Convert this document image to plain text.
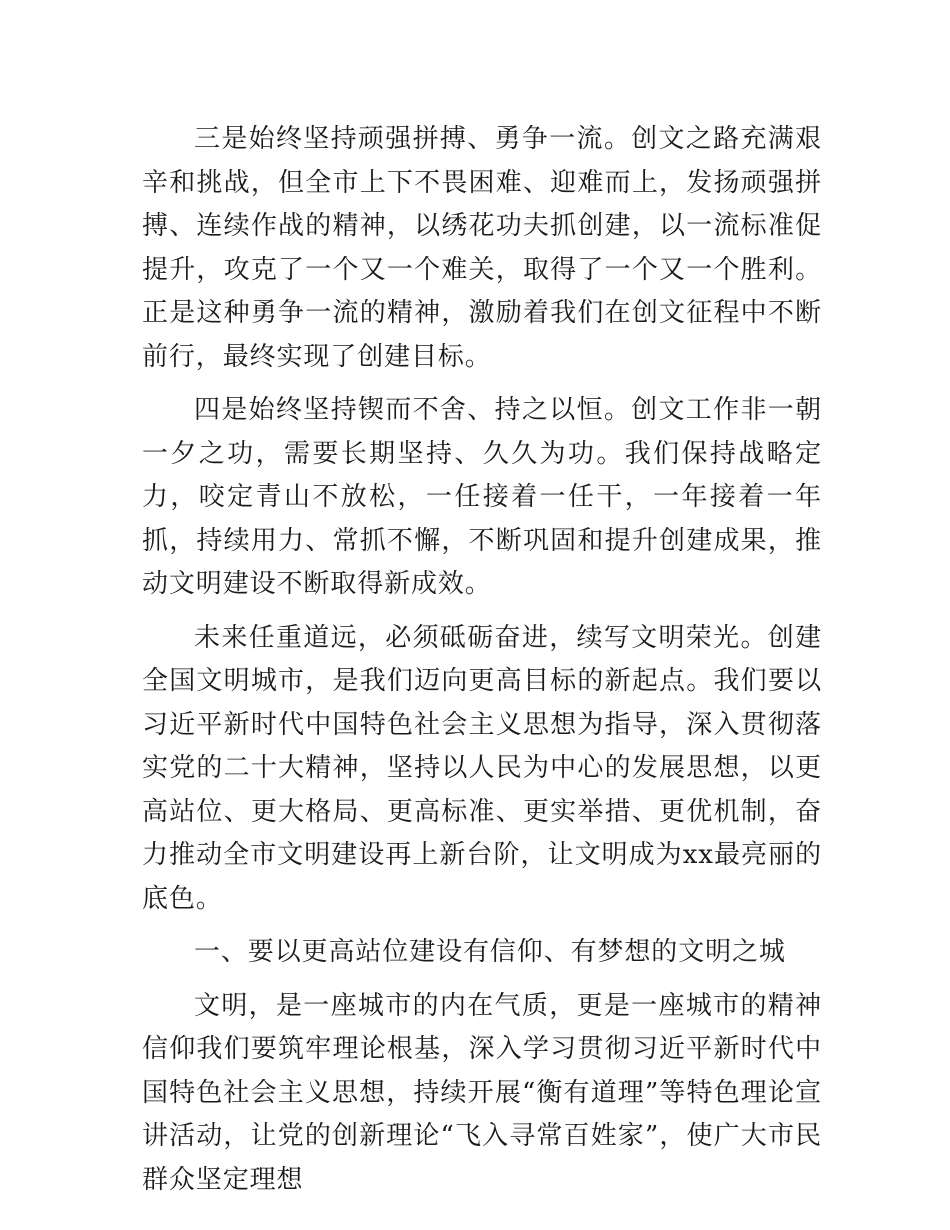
三是始终坚持顽强拼搏、勇争一流。创文之路充满艰辛和挑战，但全市上下不畏困难、迎难而上，发扬顽强拼搏、连续作战的精神，以绣花功夫抓创建，以一流标准促提升，攻克了一个又一个难关，取得了一个又一个胜利。正是这种勇争一流的精神，激励着我们在创文征程中不断前行，最终实现了创建目标。

四是始终坚持锲而不舍、持之以恒。创文工作非一朝一夕之功，需要长期坚持、久久为功。我们保持战略定力，咬定青山不放松，一任接着一任干，一年接着一年抓，持续用力、常抓不懈，不断巩固和提升创建成果，推动文明建设不断取得新成效。

未来任重道远，必须砥砺奋进，续写文明荣光。创建全国文明城市，是我们迈向更高目标的新起点。我们要以习近平新时代中国特色社会主义思想为指导，深入贯彻落实党的二十大精神，坚持以人民为中心的发展思想，以更高站位、更大格局、更高标准、更实举措、更优机制，奋力推动全市文明建设再上新台阶，让文明成为xx最亮丽的底色。

一、要以更高站位建设有信仰、有梦想的文明之城

文明，是一座城市的内在气质，更是一座城市的精神信仰我们要筑牢理论根基，深入学习贯彻习近平新时代中国特色社会主义思想，持续开展“衡有道理”等特色理论宣讲活动，让党的创新理论“飞入寻常百姓家”，使广大市民群众坚定理想
